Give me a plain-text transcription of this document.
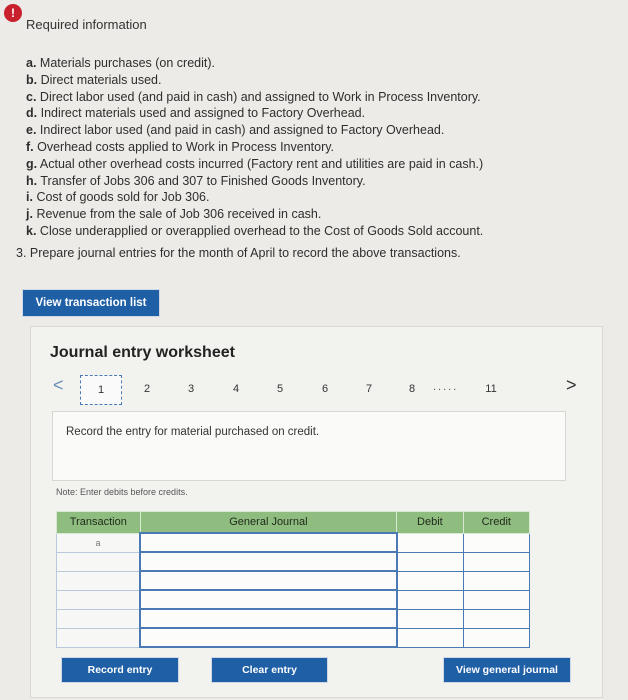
!
Required information
a. Materials purchases (on credit).
b. Direct materials used.
c. Direct labor used (and paid in cash) and assigned to Work in Process Inventory.
d. Indirect materials used and assigned to Factory Overhead.
e. Indirect labor used (and paid in cash) and assigned to Factory Overhead.
f. Overhead costs applied to Work in Process Inventory.
g. Actual other overhead costs incurred (Factory rent and utilities are paid in cash.)
h. Transfer of Jobs 306 and 307 to Finished Goods Inventory.
i. Cost of goods sold for Job 306.
j. Revenue from the sale of Job 306 received in cash.
k. Close underapplied or overapplied overhead to the Cost of Goods Sold account.
3. Prepare journal entries for the month of April to record the above transactions.
View transaction list
Journal entry worksheet
<	1	2	3	4	5	6	7	8 ..... 11	>
Record the entry for material purchased on credit.
Note: Enter debits before credits.
Transaction	General Journal	Debit	Credit
a			

Record entry	Clear entry	View general journal
